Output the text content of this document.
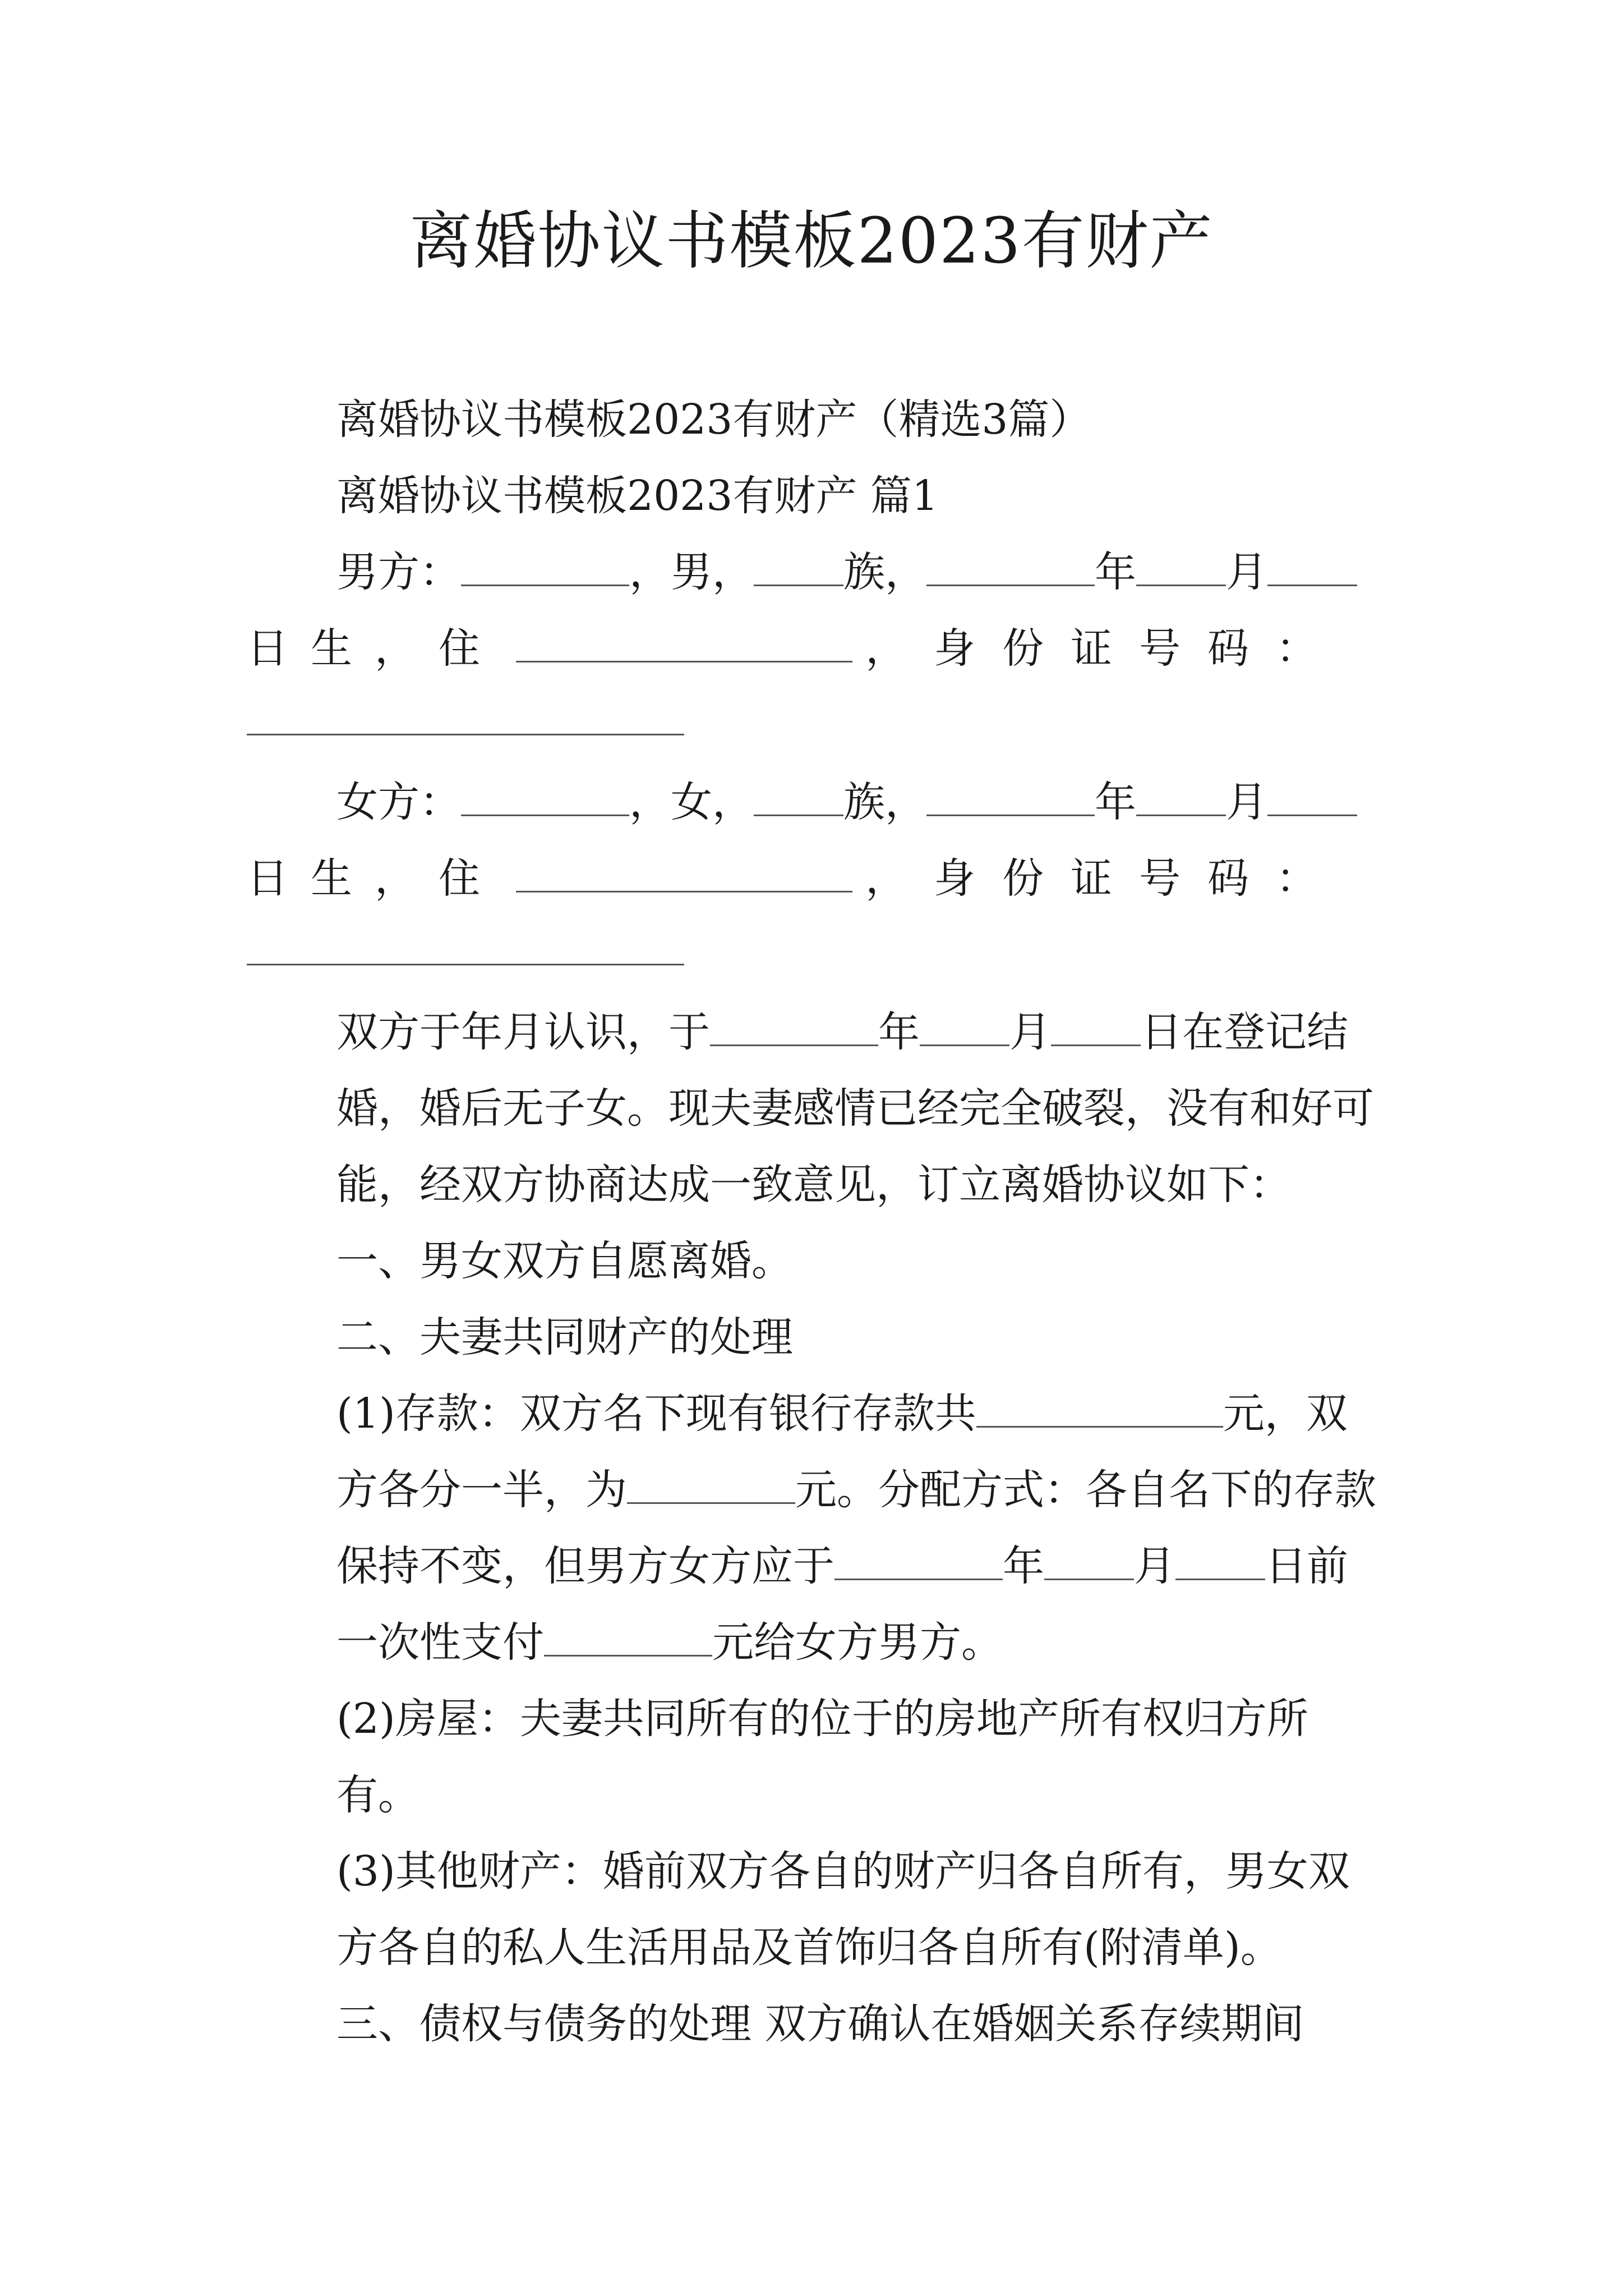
离婚协议书模板2023有财产

离婚协议书模板2023有财产（精选3篇）

离婚协议书模板2023有财产 篇1

男方：	，男， 族，	年 月

日生，住	，身份证号码：

女方：	，女， 族，	年 月

日生，住	，身份证号码：

双方于年月认识，于	年 月 日在登记结婚，婚后无子女。现夫妻感情已经完全破裂，没有和好可能，经双方协商达成一致意见，订立离婚协议如下：

一、男女双方自愿离婚。

二、夫妻共同财产的处理

(1)存款：双方名下现有银行存款共	元，双方各分一半，为	元。分配方式：各自名下的存款保持不变，但男方女方应于	年 月 日前一次性支付	元给女方男方。

(2)房屋：夫妻共同所有的位于的房地产所有权归方所有。

(3)其他财产：婚前双方各自的财产归各自所有，男女双方各自的私人生活用品及首饰归各自所有(附清单)。

三、债权与债务的处理 双方确认在婚姻关系存续期间
